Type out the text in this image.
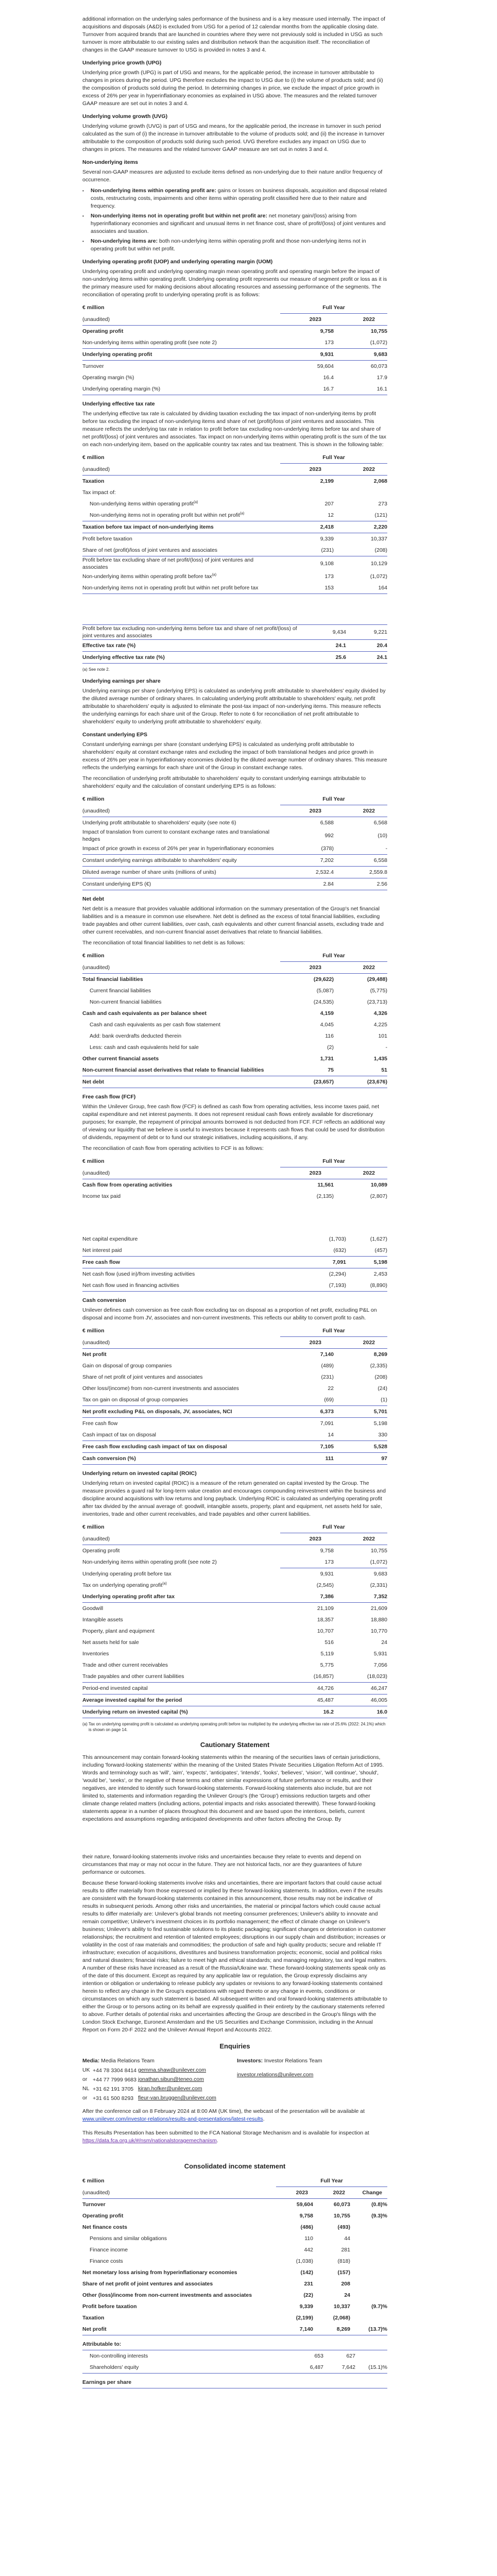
additional information on the underlying sales performance of the business and is a key measure used internally. The impact of acquisitions and disposals (A&D) is excluded from USG for a period of 12 calendar months from the applicable closing date. Turnover from acquired brands that are launched in countries where they were not previously sold is included in USG as such turnover is more attributable to our existing sales and distribution network than the acquisition itself. The reconciliation of changes in the GAAP measure turnover to USG is provided in notes 3 and 4.

Underlying price growth (UPG)

Underlying price growth (UPG) is part of USG and means, for the applicable period, the increase in turnover attributable to changes in prices during the period. UPG therefore excludes the impact to USG due to (i) the volume of products sold; and (ii) the composition of products sold during the period. In determining changes in price, we exclude the impact of price growth in excess of 26% per year in hyperinflationary economies as explained in USG above. The measures and the related turnover GAAP measure are set out in notes 3 and 4.

Underlying volume growth (UVG)

Underlying volume growth (UVG) is part of USG and means, for the applicable period, the increase in turnover in such period calculated as the sum of (i) the increase in turnover attributable to the volume of products sold; and (ii) the increase in turnover attributable to the composition of products sold during such period. UVG therefore excludes any impact on USG due to changes in prices. The measures and the related turnover GAAP measure are set out in notes 3 and 4.

Non-underlying items

Several non-GAAP measures are adjusted to exclude items defined as non-underlying due to their nature and/or frequency of occurrence.

• Non-underlying items within operating profit are: gains or losses on business disposals, acquisition and disposal related costs, restructuring costs, impairments and other items within operating profit classified here due to their nature and frequency.
• Non-underlying items not in operating profit but within net profit are: net monetary gain/(loss) arising from hyperinflationary economies and significant and unusual items in net finance cost, share of profit/(loss) of joint ventures and associates and taxation.
• Non-underlying items are: both non-underlying items within operating profit and those non-underlying items not in operating profit but within net profit.
Underlying operating profit (UOP) and underlying operating margin (UOM)

Underlying operating profit and underlying operating margin mean operating profit and operating margin before the impact of non-underlying items within operating profit. Underlying operating profit represents our measure of segment profit or loss as it is the primary measure used for making decisions about allocating resources and assessing performance of the segments. The reconciliation of operating profit to underlying operating profit is as follows:

€ million	Full Year	
(unaudited)	2023	2022
Operating profit	9,758	10,755
Non-underlying items within operating profit (see note 2)	173	(1,072)
Underlying operating profit	9,931	9,683
Turnover	59,604	60,073
Operating margin (%)	16.4	17.9
Underlying operating margin (%)	16.7	16.1
Underlying effective tax rate

The underlying effective tax rate is calculated by dividing taxation excluding the tax impact of non-underlying items by profit before tax excluding the impact of non-underlying items and share of net (profit)/loss of joint ventures and associates. This measure reflects the underlying tax rate in relation to profit before tax excluding non-underlying items before tax and share of net profit/(loss) of joint ventures and associates. Tax impact on non-underlying items within operating profit is the sum of the tax on each non-underlying item, based on the applicable country tax rates and tax treatment. This is shown in the following table:

€ million	Full Year	
(unaudited)	2023	2022
Taxation	2,199	2,068
Tax impact of:		
Non-underlying items within operating profit$^{(a)}$	207	273
Non-underlying items not in operating profit but within net profit$^{(a)}$	12	(121)
Taxation before tax impact of non-underlying items	2,418	2,220
Profit before taxation	9,339	10,337
Share of net (profit)/loss of joint ventures and associates	(231)	(208)
Profit before tax excluding share of net profit/(loss) of joint ventures and associates	9,108	10,129
Non-underlying items within operating profit before tax$^{(a)}$	173	(1,072)
Non-underlying items not in operating profit but within net profit before tax	153	164
Profit before tax excluding non-underlying items before tax and share of net profit/(loss) of joint ventures and associates	9,434	9,221
Effective tax rate (%)	24.1	20.4
Underlying effective tax rate (%)	25.6	24.1

(a) See note 2.

Underlying earnings per share

Underlying earnings per share (underlying EPS) is calculated as underlying profit attributable to shareholders' equity divided by the diluted average number of ordinary shares. In calculating underlying profit attributable to shareholders' equity, net profit attributable to shareholders' equity is adjusted to eliminate the post-tax impact of non-underlying items. This measure reflects the underlying earnings for each share unit of the Group. Refer to note 6 for reconciliation of net profit attributable to shareholders' equity to underlying profit attributable to shareholders' equity.

Constant underlying EPS

Constant underlying earnings per share (constant underlying EPS) is calculated as underlying profit attributable to shareholders' equity at constant exchange rates and excluding the impact of both translational hedges and price growth in excess of 26% per year in hyperinflationary economies divided by the diluted average number of ordinary shares. This measure reflects the underlying earnings for each share unit of the Group in constant exchange rates.

The reconciliation of underlying profit attributable to shareholders' equity to constant underlying earnings attributable to shareholders' equity and the calculation of constant underlying EPS is as follows:

€ million	Full Year	
(unaudited)	2023	2022
Underlying profit attributable to shareholders' equity (see note 6)	6,588	6,568
Impact of translation from current to constant exchange rates and translational hedges	992	(10)
Impact of price growth in excess of 26% per year in hyperinflationary economies	(378)	-
Constant underlying earnings attributable to shareholders' equity	7,202	6,558
Diluted average number of share units (millions of units)	2,532.4	2,559.8
Constant underlying EPS (€)	2.84	2.56
Net debt

Net debt is a measure that provides valuable additional information on the summary presentation of the Group's net financial liabilities and is a measure in common use elsewhere. Net debt is defined as the excess of total financial liabilities, excluding trade payables and other current liabilities, over cash, cash equivalents and other current financial assets, excluding trade and other current receivables, and non-current financial asset derivatives that relate to financial liabilities.

The reconciliation of total financial liabilities to net debt is as follows:

€ million	Full Year	
(unaudited)	2023	2022
Total financial liabilities	(29,622)	(29,488)
Current financial liabilities	(5,087)	(5,775)
Non-current financial liabilities	(24,535)	(23,713)
Cash and cash equivalents as per balance sheet	4,159	4,326
Cash and cash equivalents as per cash flow statement	4,045	4,225
Add: bank overdrafts deducted therein	116	101
Less: cash and cash equivalents held for sale	(2)	-
Other current financial assets	1,731	1,435
Non-current financial asset derivatives that relate to financial liabilities	75	51
Net debt	(23,657)	(23,676)
Free cash flow (FCF)

Within the Unilever Group, free cash flow (FCF) is defined as cash flow from operating activities, less income taxes paid, net capital expenditure and net interest payments. It does not represent residual cash flows entirely available for discretionary purposes; for example, the repayment of principal amounts borrowed is not deducted from FCF. FCF reflects an additional way of viewing our liquidity that we believe is useful to investors because it represents cash flows that could be used for distribution of dividends, repayment of debt or to fund our strategic initiatives, including acquisitions, if any.

The reconciliation of cash flow from operating activities to FCF is as follows:

€ million	Full Year	
(unaudited)	2023	2022
Cash flow from operating activities	11,561	10,089
Income tax paid	(2,135)	(2,807)
Net capital expenditure	(1,703)	(1,627)
Net interest paid	(632)	(457)
Free cash flow	7,091	5,198
Net cash flow (used in)/from investing activities	(2,294)	2,453
Net cash flow used in financing activities	(7,193)	(8,890)
Cash conversion

Unilever defines cash conversion as free cash flow excluding tax on disposal as a proportion of net profit, excluding P&L on disposal and income from JV, associates and non-current investments. This reflects our ability to convert profit to cash.

€ million	Full Year	
(unaudited)	2023	2022
Net profit	7,140	8,269
Gain on disposal of group companies	(489)	(2,335)
Share of net profit of joint ventures and associates	(231)	(208)
Other loss/(income) from non-current investments and associates	22	(24)
Tax on gain on disposal of group companies	(69)	(1)
Net profit excluding P&L on disposals, JV, associates, NCI	6,373	5,701
Free cash flow	7,091	5,198
Cash impact of tax on disposal	14	330
Free cash flow excluding cash impact of tax on disposal	7,105	5,528
Cash conversion (%)	111	97
Underlying return on invested capital (ROIC)

Underlying return on invested capital (ROIC) is a measure of the return generated on capital invested by the Group. The measure provides a guard rail for long-term value creation and encourages compounding reinvestment within the business and discipline around acquisitions with low returns and long payback. Underlying ROIC is calculated as underlying operating profit after tax divided by the annual average of: goodwill, intangible assets, property, plant and equipment, net assets held for sale, inventories, trade and other current receivables, and trade payables and other current liabilities.

€ million	Full Year	
(unaudited)	2023	2022
Operating profit	9,758	10,755
Non-underlying items within operating profit (see note 2)	173	(1,072)
Underlying operating profit before tax	9,931	9,683
Tax on underlying operating profit$^{(a)}$	(2,545)	(2,331)
Underlying operating profit after tax	7,386	7,352
Goodwill	21,109	21,609
Intangible assets	18,357	18,880
Property, plant and equipment	10,707	10,770
Net assets held for sale	516	24
Inventories	5,119	5,931
Trade and other current receivables	5,775	7,056
Trade payables and other current liabilities	(16,857)	(18,023)
Period-end invested capital	44,726	46,247
Average invested capital for the period	45,487	46,005
Underlying return on invested capital (%)	16.2	16.0

(a) Tax on underlying operating profit is calculated as underlying operating profit before tax multiplied by the underlying effective tax rate of 25.6% (2022: 24.1%) which is shown on page 14.

Cautionary Statement

This announcement may contain forward-looking statements within the meaning of the securities laws of certain jurisdictions, including 'forward-looking statements' within the meaning of the United States Private Securities Litigation Reform Act of 1995. Words and terminology such as 'will', 'aim', 'expects', 'anticipates', 'intends', 'looks', 'believes', 'vision', 'will continue', 'should', 'would be', 'seeks', or the negative of these terms and other similar expressions of future performance or results, and their negatives, are intended to identify such forward-looking statements. Forward-looking statements also include, but are not limited to, statements and information regarding the Unilever Group's (the 'Group') emissions reduction targets and other climate change related matters (including actions, potential impacts and risks associated therewith). These forward-looking statements appear in a number of places throughout this document and are based upon the intentions, beliefs, current expectations and assumptions regarding anticipated developments and other factors affecting the Group. By

their nature, forward-looking statements involve risks and uncertainties because they relate to events and depend on circumstances that may or may not occur in the future. They are not historical facts, nor are they guarantees of future performance or outcomes.

Because these forward-looking statements involve risks and uncertainties, there are important factors that could cause actual results to differ materially from those expressed or implied by these forward-looking statements. In addition, even if the results are consistent with the forward-looking statements contained in this announcement, those results may not be indicative of results in subsequent periods. Among other risks and uncertainties, the material or principal factors which could cause actual results to differ materially are: Unilever's global brands not meeting consumer preferences; Unilever's ability to innovate and remain competitive; Unilever's investment choices in its portfolio management; the effect of climate change on Unilever's business; Unilever's ability to find sustainable solutions to its plastic packaging; significant changes or deterioration in customer relationships; the recruitment and retention of talented employees; disruptions in our supply chain and distribution; increases or volatility in the cost of raw materials and commodities; the production of safe and high quality products; secure and reliable IT infrastructure; execution of acquisitions, divestitures and business transformation projects; economic, social and political risks and natural disasters; financial risks; failure to meet high and ethical standards; and managing regulatory, tax and legal matters. A number of these risks have increased as a result of the Russia/Ukraine war. These forward-looking statements speak only as of the date of this document. Except as required by any applicable law or regulation, the Group expressly disclaims any intention or obligation or undertaking to release publicly any updates or revisions to any forward-looking statements contained herein to reflect any change in the Group's expectations with regard thereto or any change in events, conditions or circumstances on which any such statement is based. All subsequent written and oral forward-looking statements attributable to either the Group or to persons acting on its behalf are expressly qualified in their entirety by the cautionary statements referred to above. Further details of potential risks and uncertainties affecting the Group are described in the Group's filings with the London Stock Exchange, Euronext Amsterdam and the US Securities and Exchange Commission, including in the Annual Report on Form 20-F 2022 and the Unilever Annual Report and Accounts 2022.

Enquiries
Media: Media Relations Team
UK +44 78 3304 8414 gemma.shaw@unilever.com
or	+44 77 7999 9683 jonathan.sibun@teneo.com
NL +31 62 191 3705 kiran.hofker@unilever.com
or	+31 61 500 8293 fleur-van.bruggen@unilever.com
Investors: Investor Relations Team
investor.relations@unilever.com

After the conference call on 8 February 2024 at 8:00 AM (UK time), the webcast of the presentation will be available at www.unilever.com/investor-relations/results-and-presentations/latest-results.

This Results Presentation has been submitted to the FCA National Storage Mechanism and is available for inspection at https://data.fca.org.uk/#/nsm/nationalstoragemechanism.

Consolidated income statement
€ million	Full Year		
(unaudited)	2023	2022	Change
Turnover	59,604	60,073	(0.8)%
Operating profit	9,758	10,755	(9.3)%
Net finance costs	(486)	(493)	
Pensions and similar obligations	110	44	
Finance income	442	281	
Finance costs	(1,038)	(818)	
Net monetary loss arising from hyperinflationary economies	(142)	(157)	
Share of net profit of joint ventures and associates	231	208	
Other (loss)/income from non-current investments and associates	(22)	24	
Profit before taxation	9,339	10,337	(9.7)%
Taxation	(2,199)	(2,068)	
Net profit	7,140	8,269	(13.7)%
Attributable to:			
Non-controlling interests	653	627	
Shareholders' equity	6,487	7,642	(15.1)%
Earnings per share			
